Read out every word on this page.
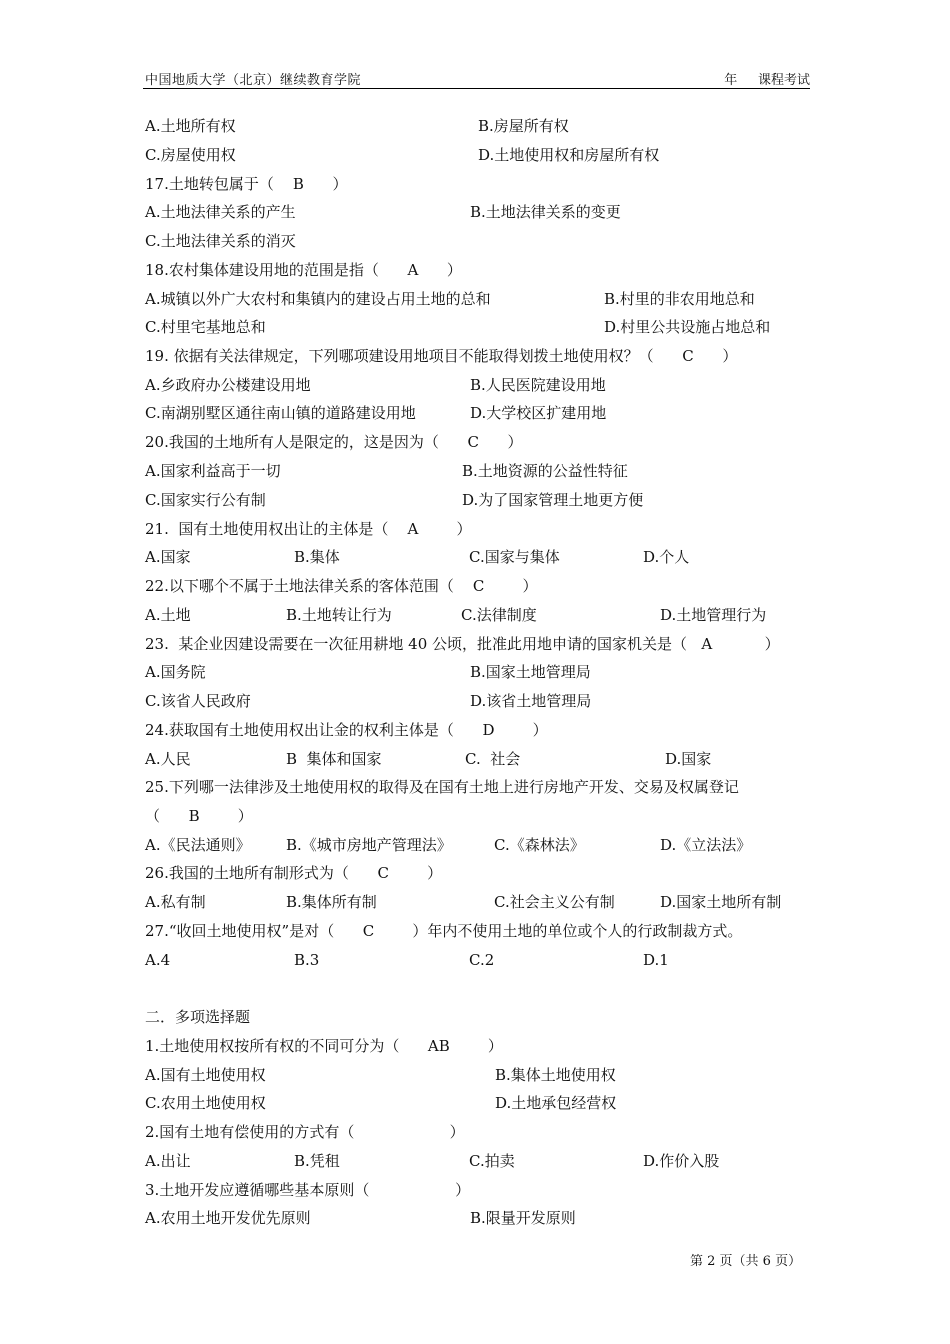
中国地质大学（北京）继续教育学院	年 课程考试
A.土地所有权	B.房屋所有权
C.房屋使用权	D.土地使用权和房屋所有权
17.土地转包属于（    B      ）
A.土地法律关系的产生	B.土地法律关系的变更
C.土地法律关系的消灭
18.农村集体建设用地的范围是指（      A      ）
A.城镇以外广大农村和集镇内的建设占用土地的总和	B.村里的非农用地总和
C.村里宅基地总和	D.村里公共设施占地总和
19. 依据有关法律规定，下列哪项建设用地项目不能取得划拨土地使用权？（      C      ）
A.乡政府办公楼建设用地	B.人民医院建设用地
C.南湖别墅区通往南山镇的道路建设用地	D.大学校区扩建用地
20.我国的土地所有人是限定的，这是因为（      C      ）
A.国家利益高于一切	B.土地资源的公益性特征
C.国家实行公有制	D.为了国家管理土地更方便
21.  国有土地使用权出让的主体是（    A        ）
A.国家	B.集体	C.国家与集体	D.个人
22.以下哪个不属于土地法律关系的客体范围（    C        ）
A.土地	B.土地转让行为	C.法律制度	D.土地管理行为
23.  某企业因建设需要在一次征用耕地 40 公顷，批准此用地申请的国家机关是（   A           ）
A.国务院	B.国家土地管理局
C.该省人民政府	D.该省土地管理局
24.获取国有土地使用权出让金的权利主体是（      D        ）
A.人民	B  集体和国家	C.  社会	D.国家
25.下列哪一法律涉及土地使用权的取得及在国有土地上进行房地产开发、交易及权属登记
（      B        ）
A.《民法通则》 B.《城市房地产管理法》	C.《森林法》	D.《立法法》
26.我国的土地所有制形式为（      C        ）
A.私有制	B.集体所有制	C.社会主义公有制	D.国家土地所有制
27.“收回土地使用权”是对（      C        ）年内不使用土地的单位或个人的行政制裁方式。
A.4	B.3	C.2	D.1
二．多项选择题
1.土地使用权按所有权的不同可分为（      AB        ）
A.国有土地使用权	B.集体土地使用权
C.农用土地使用权	D.土地承包经营权
2.国有土地有偿使用的方式有（                    ）
A.出让	B.凭租	C.拍卖	D.作价入股
3.土地开发应遵循哪些基本原则（                  ）
A.农用土地开发优先原则	B.限量开发原则
第 2 页（共 6 页）
